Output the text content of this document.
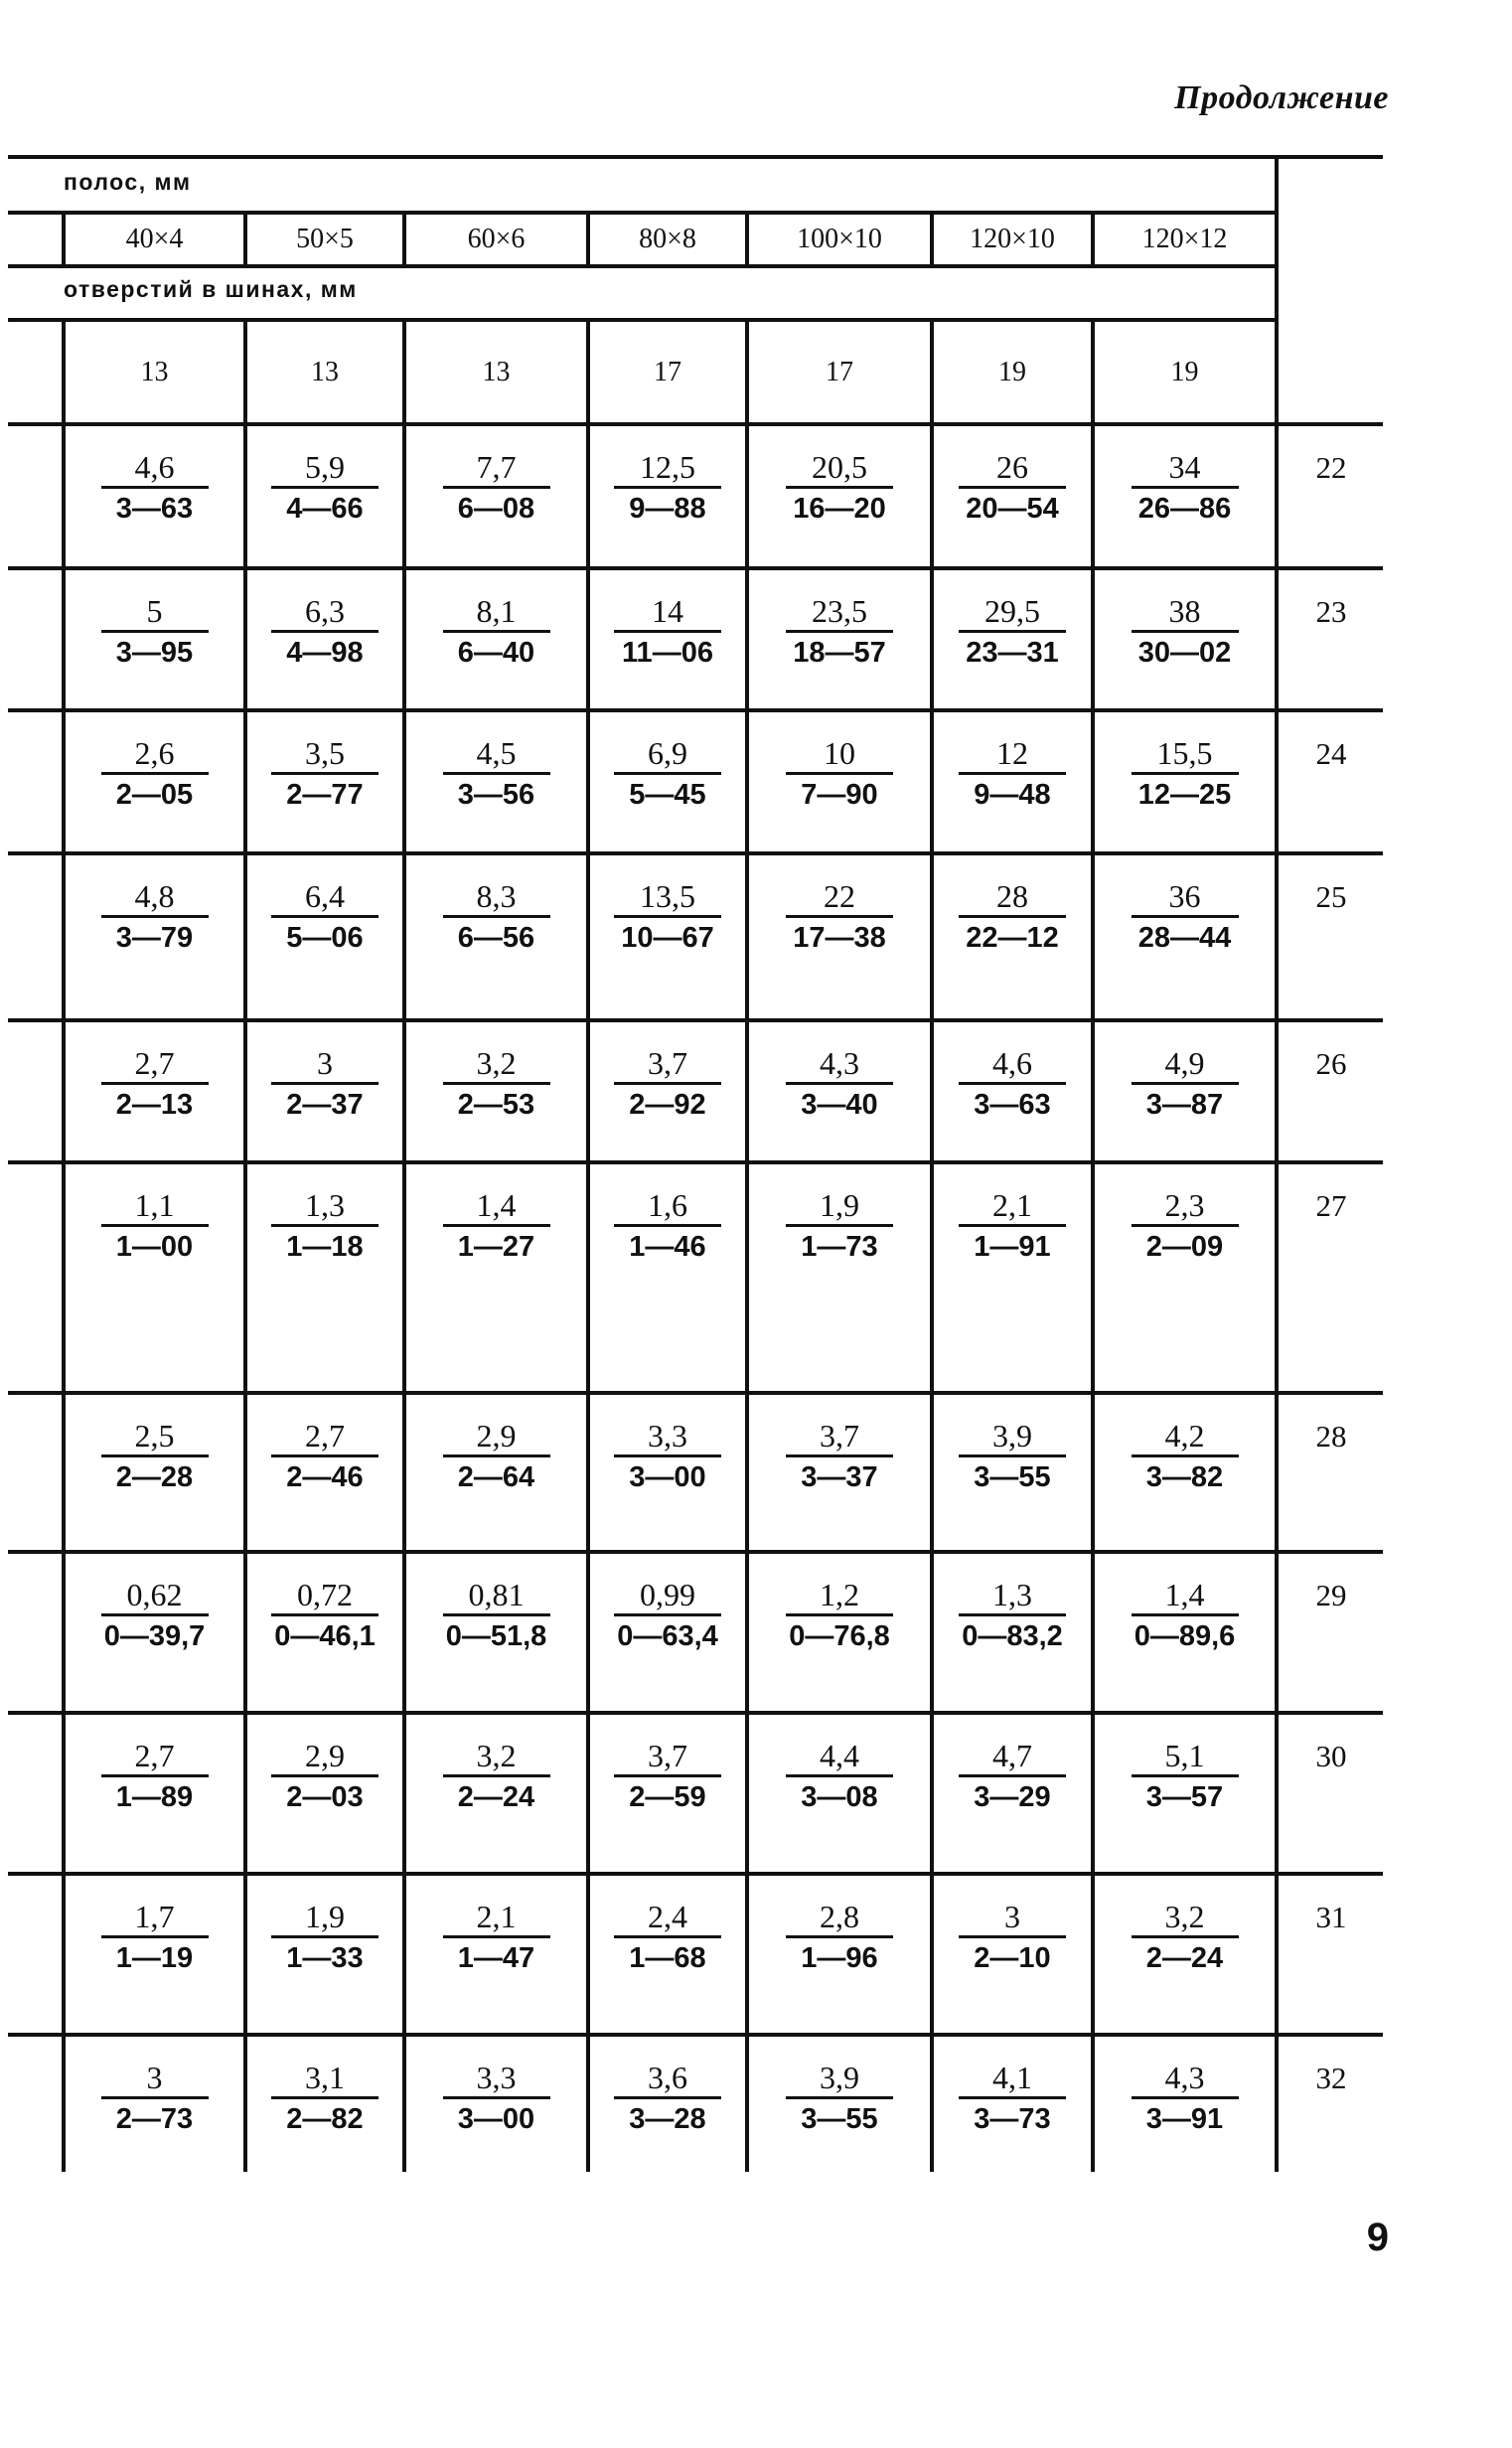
Продолжение
полос, мм
отверстий в шинах, мм
40×4	50×5	60×6	80×8	100×10	120×10	120×12
13	13	13	17	17	19	19
$\frac{4,6}{3—63} \frac{5,9}{4—66} \frac{7,7}{6—08} \frac{12,5}{9—88} \frac{20,5}{16—20} \frac{26}{20—54} \frac{34}{26—86}$	22
$\frac{5}{3—95} \frac{6,3}{4—98} \frac{8,1}{6—40} \frac{14}{11—06} \frac{23,5}{18—57} \frac{29,5}{23—31} \frac{38}{30—02}$	23
$\frac{2,6}{2—05} \frac{3,5}{2—77} \frac{4,5}{3—56} \frac{6,9}{5—45} \frac{10}{7—90} \frac{12}{9—48} \frac{15,5}{12—25}$	24
$\frac{4,8}{3—79} \frac{6,4}{5—06} \frac{8,3}{6—56} \frac{13,5}{10—67} \frac{22}{17—38} \frac{28}{22—12} \frac{36}{28—44}$	25
$\frac{2,7}{2—13} \frac{3}{2—37} \frac{3,2}{2—53} \frac{3,7}{2—92} \frac{4,3}{3—40} \frac{4,6}{3—63} \frac{4,9}{3—87}$	26
$\frac{1,1}{1—00} \frac{1,3}{1—18} \frac{1,4}{1—27} \frac{1,6}{1—46} \frac{1,9}{1—73} \frac{2,1}{1—91} \frac{2,3}{2—09}$	27
$\frac{2,5}{2—28} \frac{2,7}{2—46} \frac{2,9}{2—64} \frac{3,3}{3—00} \frac{3,7}{3—37} \frac{3,9}{3—55} \frac{4,2}{3—82}$	28
$\frac{0,62}{0—39,7} \frac{0,72}{0—46,1} \frac{0,81}{0—51,8} \frac{0,99}{0—63,4} \frac{1,2}{0—76,8} \frac{1,3}{0—83,2} \frac{1,4}{0—89,6}$	29
$\frac{2,7}{1—89} \frac{2,9}{2—03} \frac{3,2}{2—24} \frac{3,7}{2—59} \frac{4,4}{3—08} \frac{4,7}{3—29} \frac{5,1}{3—57}$	30
$\frac{1,7}{1—19} \frac{1,9}{1—33} \frac{2,1}{1—47} \frac{2,4}{1—68} \frac{2,8}{1—96} \frac{3}{2—10} \frac{3,2}{2—24}$	31
$\frac{3}{2—73} \frac{3,1}{2—82} \frac{3,3}{3—00} \frac{3,6}{3—28} \frac{3,9}{3—55} \frac{4,1}{3—73} \frac{4,3}{3—91}$	32
9
